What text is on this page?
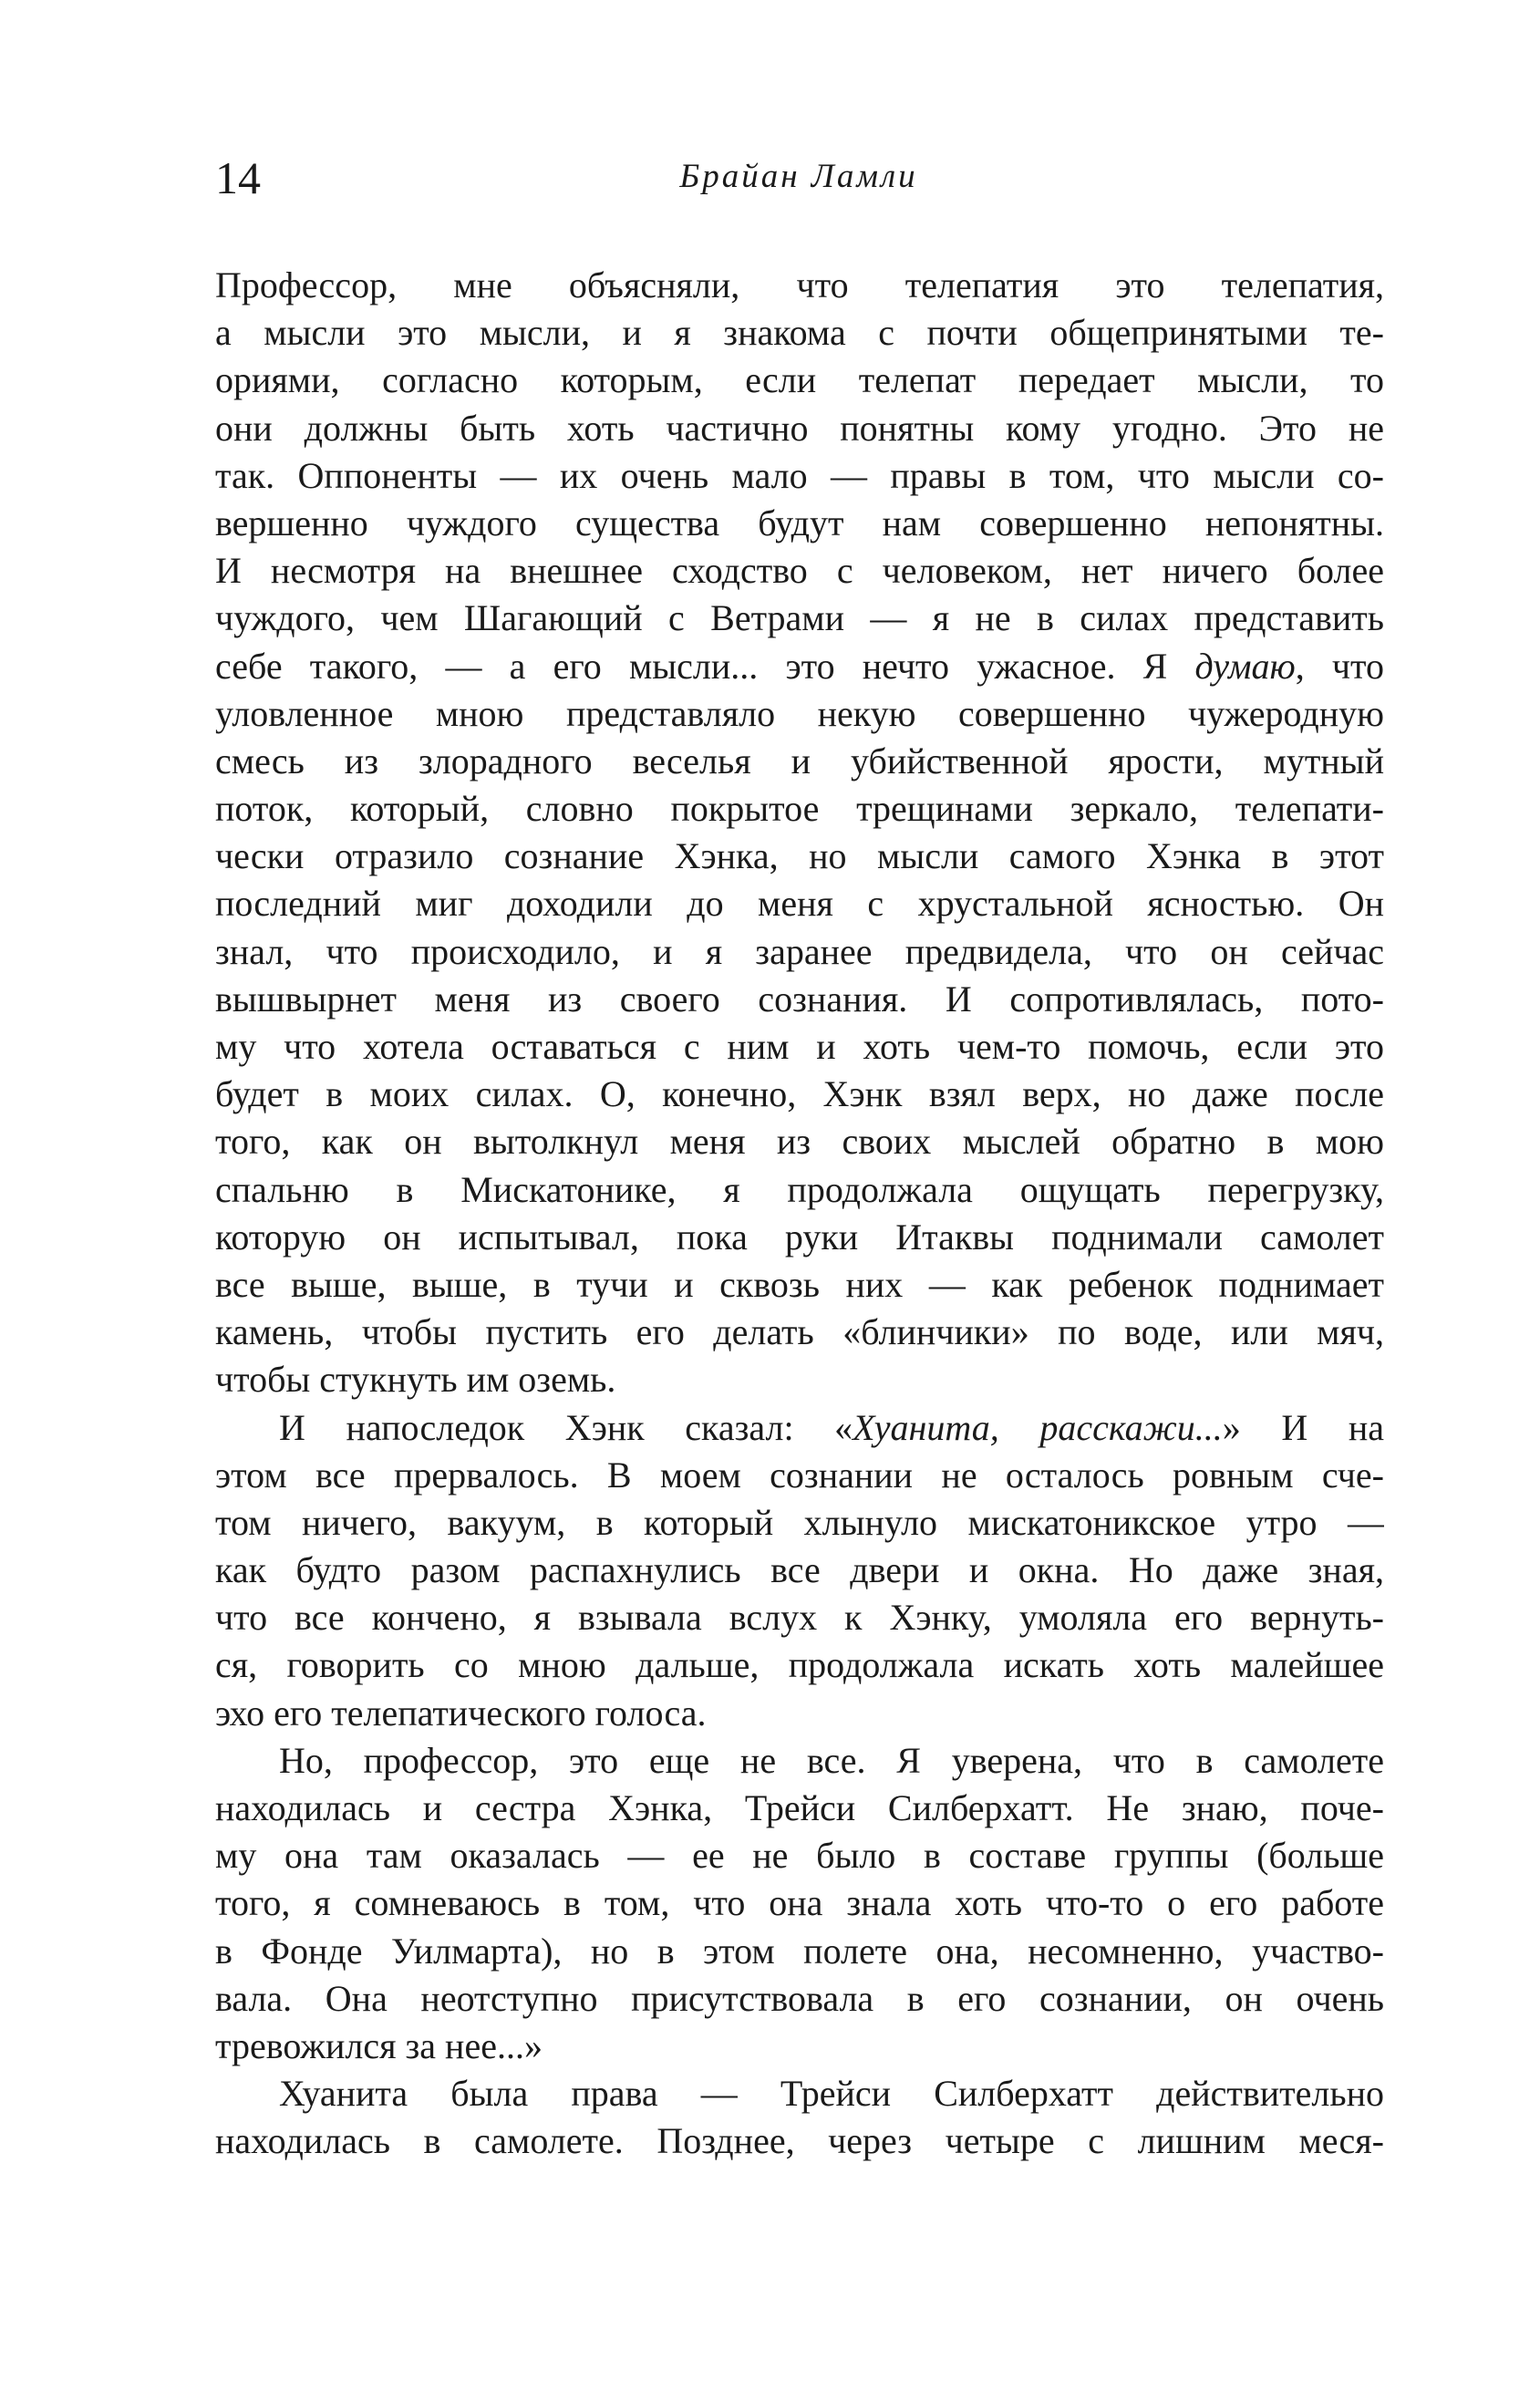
14	Брайан Ламли
Профессор, мне объясняли, что телепатия это телепатия,
а мысли это мысли, и я знакома с почти общепринятыми те-
ориями, согласно которым, если телепат передает мысли, то
они должны быть хоть частично понятны кому угодно. Это не
так. Оппоненты — их очень мало — правы в том, что мысли со-
вершенно чуждого существа будут нам совершенно непонятны.
И несмотря на внешнее сходство с человеком, нет ничего более
чуждого, чем Шагающий с Ветрами — я не в силах представить
себе такого, — а его мысли... это нечто ужасное. Я думаю, что
уловленное мною представляло некую совершенно чужеродную
смесь из злорадного веселья и убийственной ярости, мутный
поток, который, словно покрытое трещинами зеркало, телепати-
чески отразило сознание Хэнка, но мысли самого Хэнка в этот
последний миг доходили до меня с хрустальной ясностью. Он
знал, что происходило, и я заранее предвидела, что он сейчас
вышвырнет меня из своего сознания. И сопротивлялась, пото-
му что хотела оставаться с ним и хоть чем-то помочь, если это
будет в моих силах. О, конечно, Хэнк взял верх, но даже после
того, как он вытолкнул меня из своих мыслей обратно в мою
спальню в Мискатонике, я продолжала ощущать перегрузку,
которую он испытывал, пока руки Итаквы поднимали самолет
все выше, выше, в тучи и сквозь них — как ребенок поднимает
камень, чтобы пустить его делать «блинчики» по воде, или мяч,
чтобы стукнуть им оземь.
И напоследок Хэнк сказал: «Хуанита, расскажи...» И на
этом все прервалось. В моем сознании не осталось ровным сче-
том ничего, вакуум, в который хлынуло мискатоникское утро —
как будто разом распахнулись все двери и окна. Но даже зная,
что все кончено, я взывала вслух к Хэнку, умоляла его вернуть-
ся, говорить со мною дальше, продолжала искать хоть малейшее
эхо его телепатического голоса.
Но, профессор, это еще не все. Я уверена, что в самолете
находилась и сестра Хэнка, Трейси Силберхатт. Не знаю, поче-
му она там оказалась — ее не было в составе группы (больше
того, я сомневаюсь в том, что она знала хоть что-то о его работе
в Фонде Уилмарта), но в этом полете она, несомненно, участво-
вала. Она неотступно присутствовала в его сознании, он очень
тревожился за нее...»
Хуанита была права — Трейси Силберхатт действительно
находилась в самолете. Позднее, через четыре с лишним меся-
